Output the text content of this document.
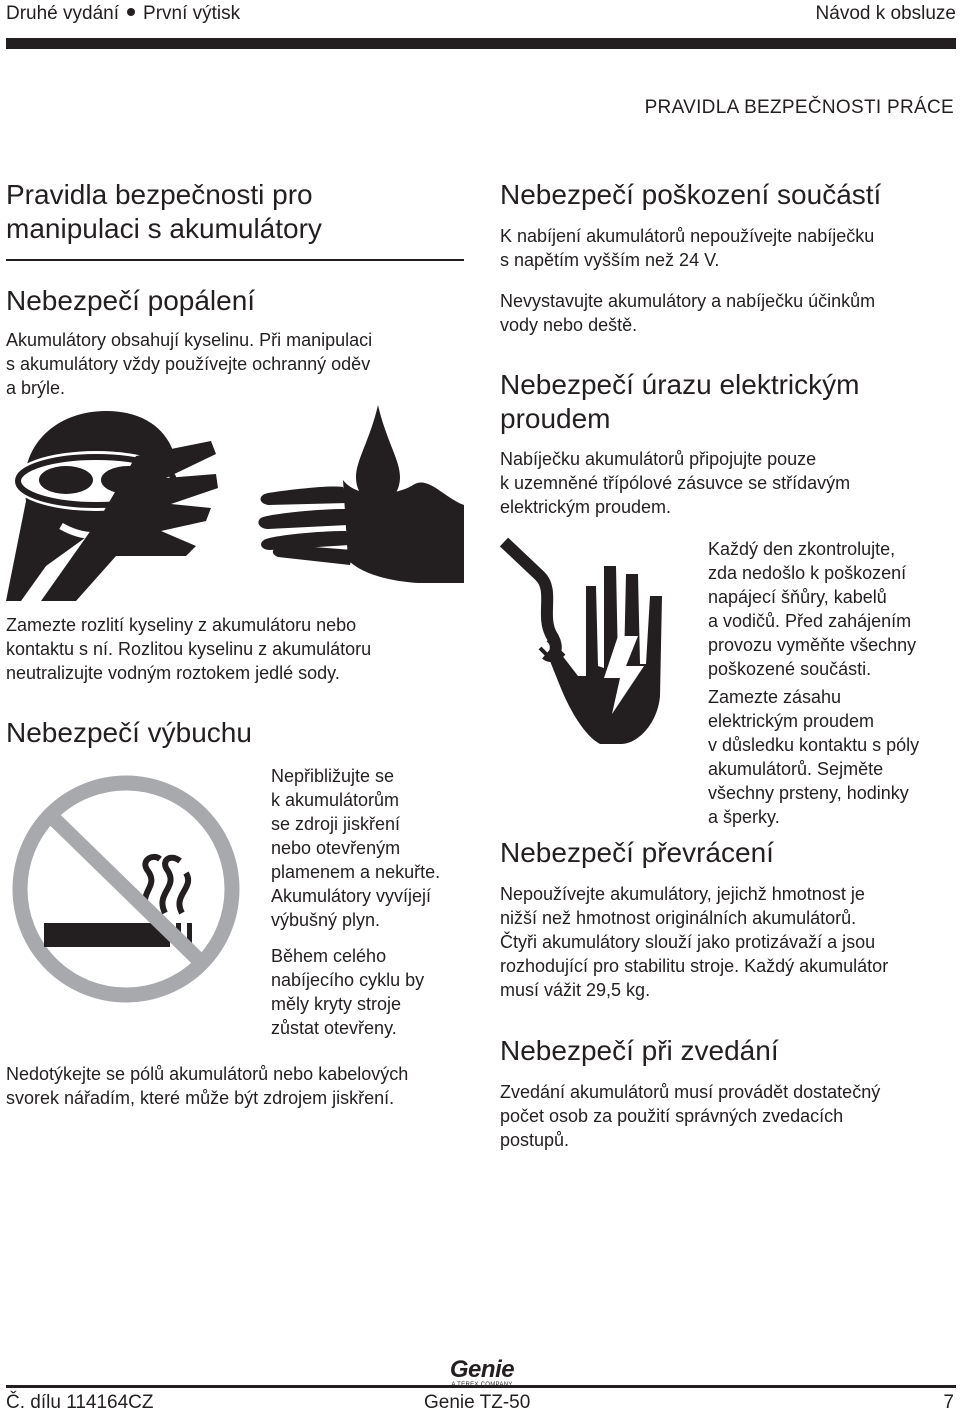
Druhé vydání První výtisk	Návod k obsluze
PRAVIDLA BEZPEČNOSTI PRÁCE
Pravidla bezpečnosti pro
manipulaci s akumulátory
Nebezpečí popálení
Akumulátory obsahují kyselinu. Při manipulaci
s akumulátory vždy používejte ochranný oděv
a brýle.
Zamezte rozlití kyseliny z akumulátoru nebo
kontaktu s ní. Rozlitou kyselinu z akumulátoru
neutralizujte vodným roztokem jedlé sody.
Nebezpečí výbuchu
Nepřibližujte se
k akumulátorům
se zdroji jiskření
nebo otevřeným
plamenem a nekuřte.
Akumulátory vyvíjejí
výbušný plyn.
Během celého
nabíjecího cyklu by
měly kryty stroje
zůstat otevřeny.
Nedotýkejte se pólů akumulátorů nebo kabelových
svorek nářadím, které může být zdrojem jiskření.
Nebezpečí poškození součástí
K nabíjení akumulátorů nepoužívejte nabíječku
s napětím vyšším než 24 V.
Nevystavujte akumulátory a nabíječku účinkům
vody nebo deště.
Nebezpečí úrazu elektrickým
proudem
Nabíječku akumulátorů připojujte pouze
k uzemněné třípólové zásuvce se střídavým
elektrickým proudem.
Každý den zkontrolujte,
zda nedošlo k poškození
napájecí šňůry, kabelů
a vodičů. Před zahájením
provozu vyměňte všechny
poškozené součásti.
Zamezte zásahu
elektrickým proudem
v důsledku kontaktu s póly
akumulátorů. Sejměte
všechny prsteny, hodinky
a šperky.
Nebezpečí převrácení
Nepoužívejte akumulátory, jejichž hmotnost je
nižší než hmotnost originálních akumulátorů.
Čtyři akumulátory slouží jako protizávaží a jsou
rozhodující pro stabilitu stroje. Každý akumulátor
musí vážit 29,5 kg.
Nebezpečí při zvedání
Zvedání akumulátorů musí provádět dostatečný
počet osob za použití správných zvedacích
postupů.
Genie
Č. dílu 114164CZ	Genie TZ-50	7
